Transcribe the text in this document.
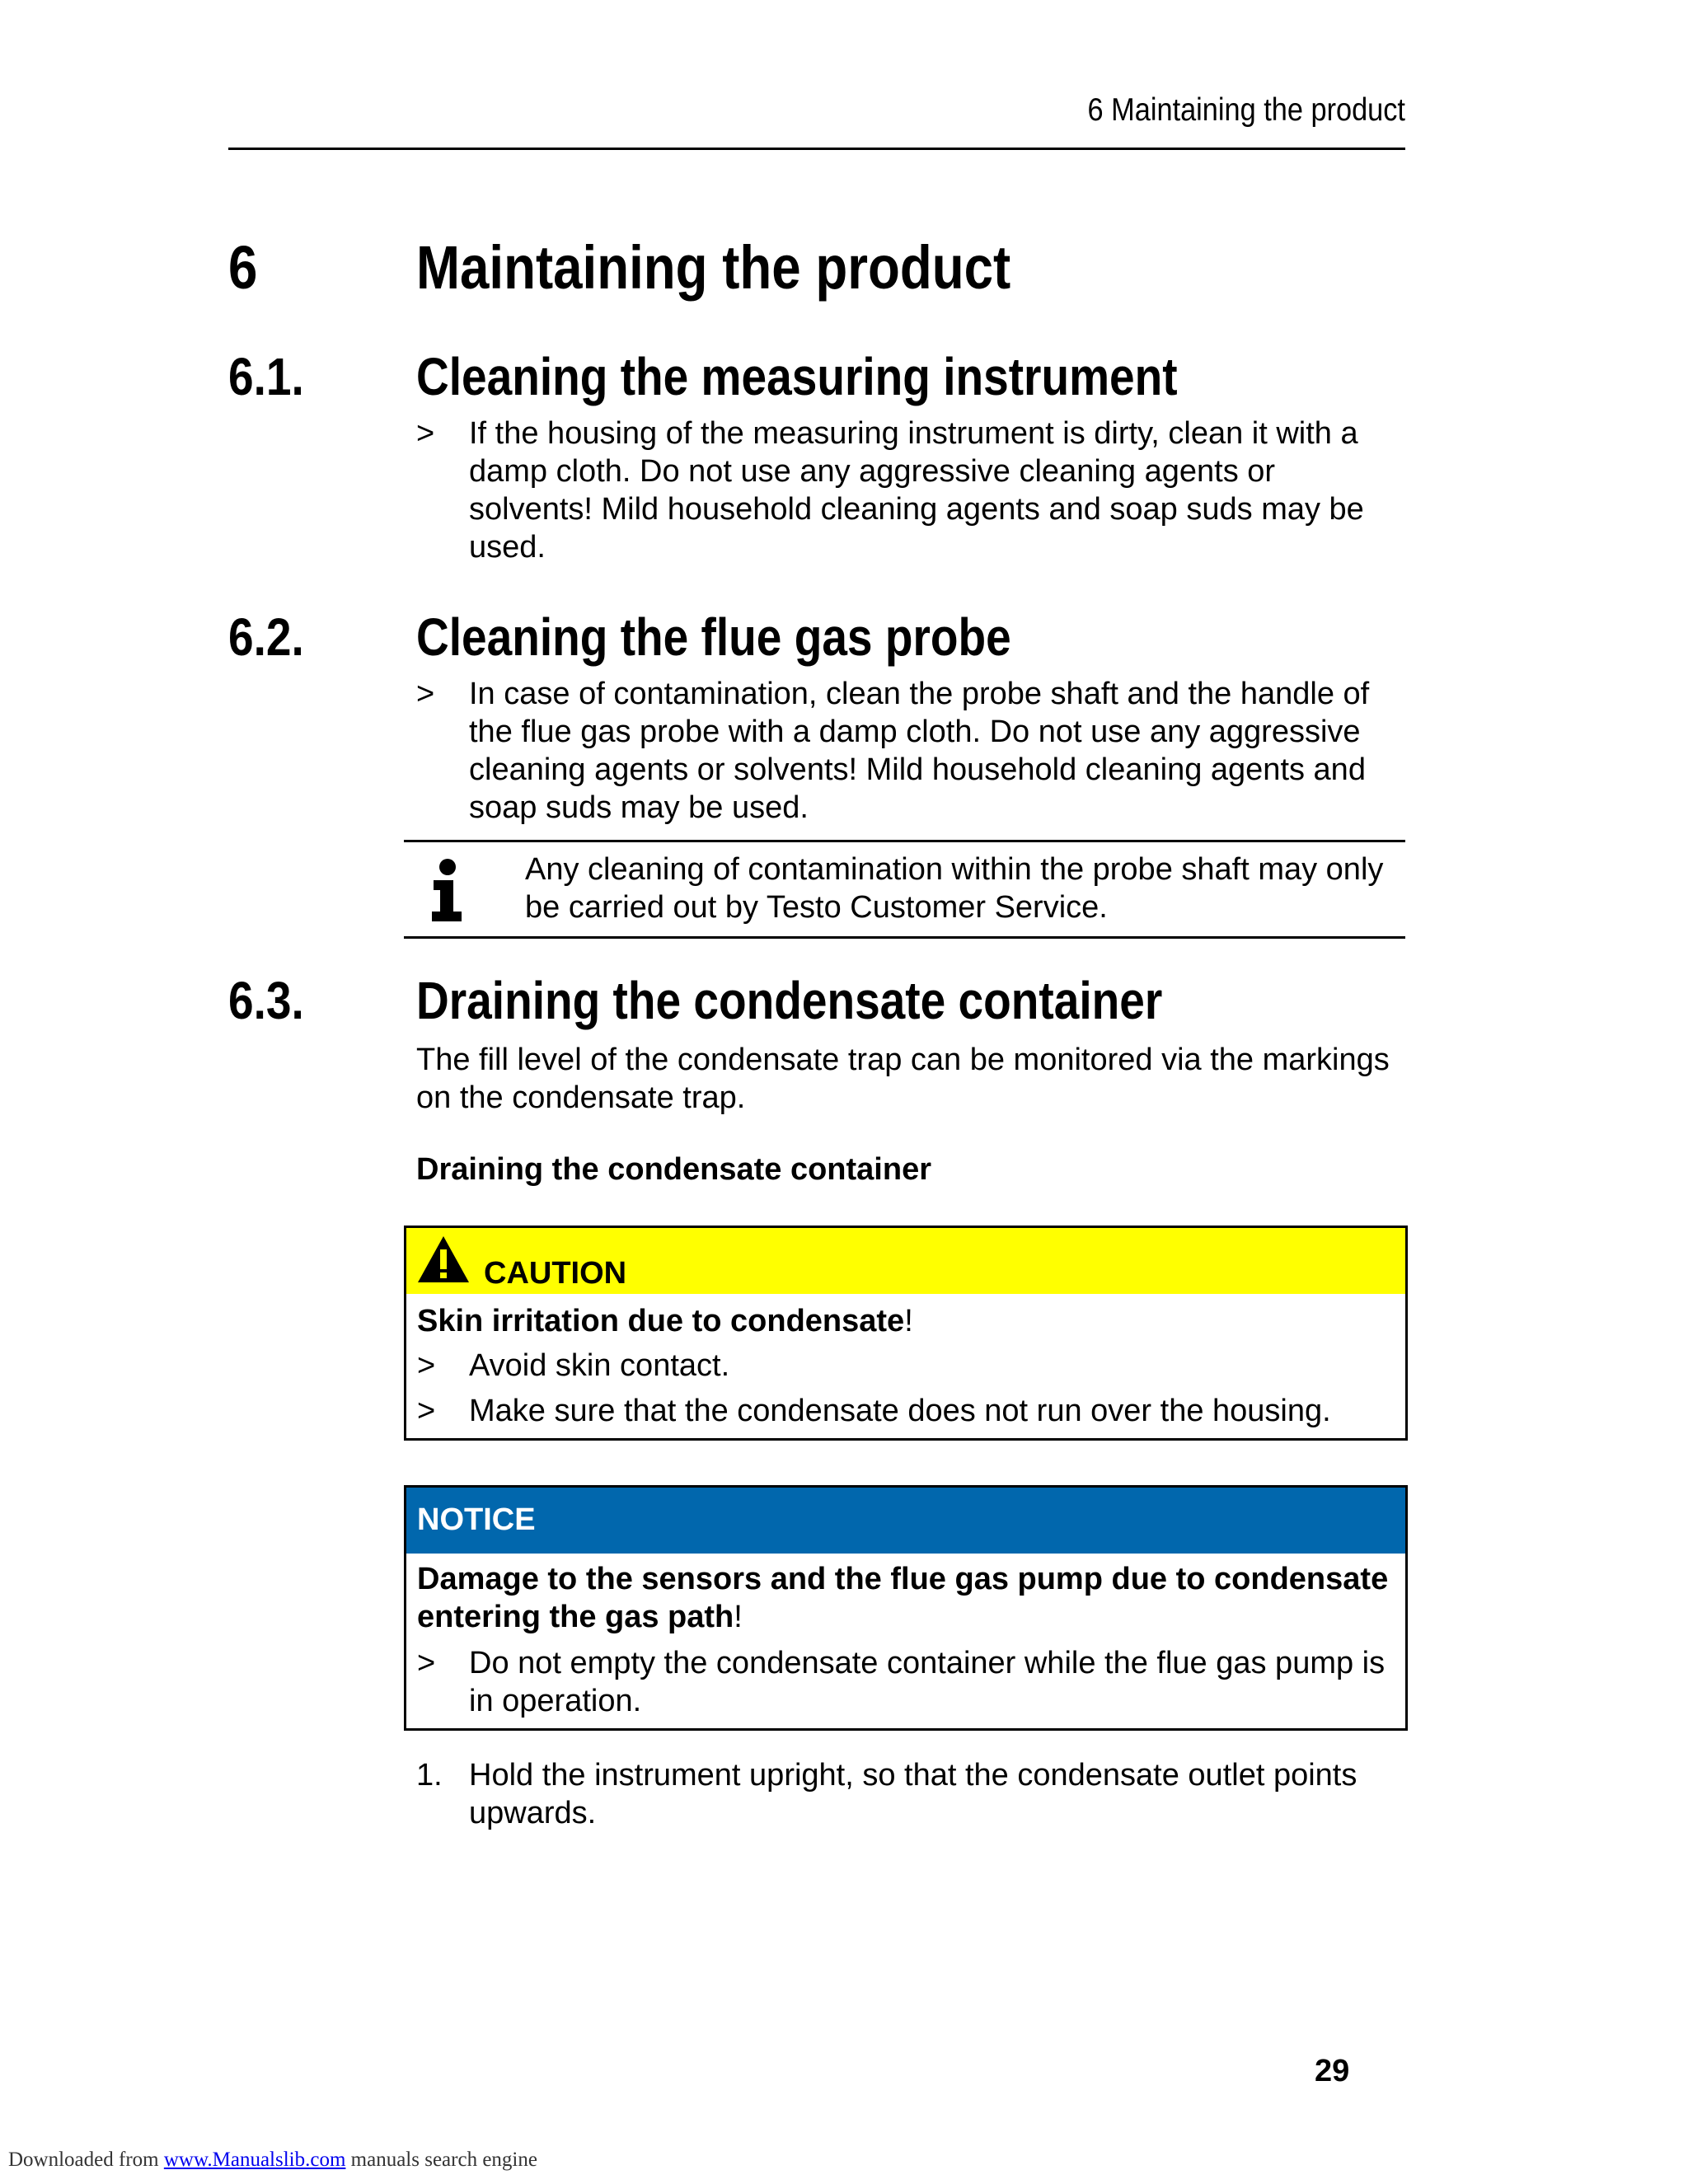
6 Maintaining the product
6	Maintaining the product
6.1. Cleaning the measuring instrument
> If the housing of the measuring instrument is dirty, clean it with a damp cloth. Do not use any aggressive cleaning agents or solvents! Mild household cleaning agents and soap suds may be used.
6.2. Cleaning the flue gas probe
> In case of contamination, clean the probe shaft and the handle of the flue gas probe with a damp cloth. Do not use any aggressive cleaning agents or solvents! Mild household cleaning agents and soap suds may be used.
Any cleaning of contamination within the probe shaft may only be carried out by Testo Customer Service.
6.3. Draining the condensate container
The fill level of the condensate trap can be monitored via the markings on the condensate trap.
Draining the condensate container
CAUTION
Skin irritation due to condensate!
> Avoid skin contact.
> Make sure that the condensate does not run over the housing.
NOTICE
Damage to the sensors and the flue gas pump due to condensate entering the gas path!
> Do not empty the condensate container while the flue gas pump is in operation.
1. Hold the instrument upright, so that the condensate outlet points upwards.
29
Downloaded from www.Manualslib.com manuals search engine
